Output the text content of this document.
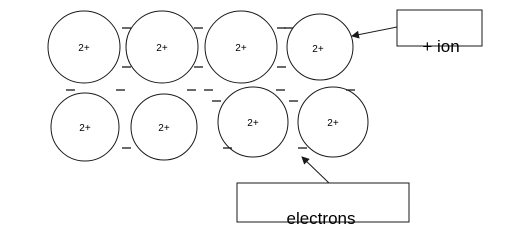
2+	2+	2+	2+
2+	2+	2+	2+
+ ion
electrons
